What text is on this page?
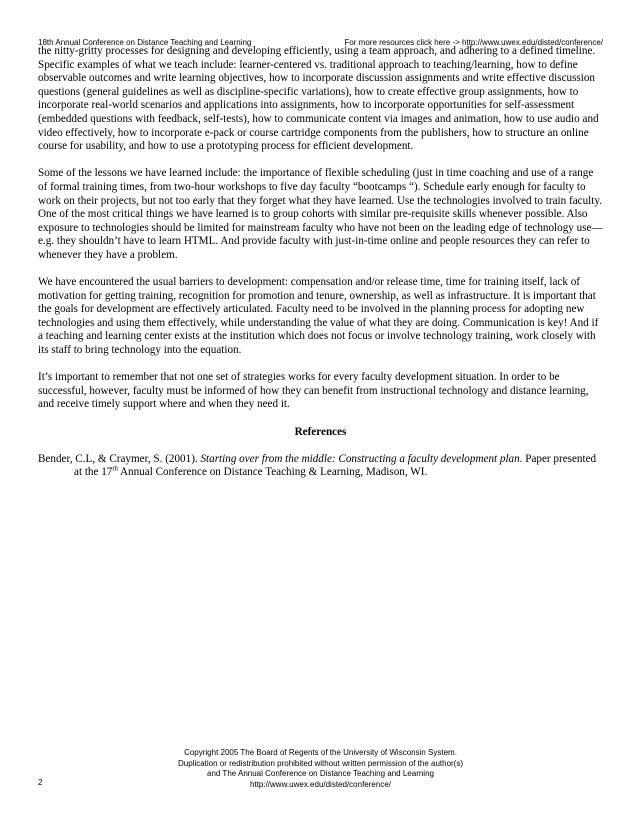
18th Annual Conference on Distance Teaching and Learning	For more resources click here -> http://www.uwex.edu/disted/conference/

the nitty-gritty processes for designing and developing efficiently, using a team approach, and adhering to a defined timeline. Specific examples of what we teach include: learner-centered vs. traditional approach to teaching/learning, how to define observable outcomes and write learning objectives, how to incorporate discussion assignments and write effective discussion questions (general guidelines as well as discipline-specific variations), how to create effective group assignments, how to incorporate real-world scenarios and applications into assignments, how to incorporate opportunities for self-assessment (embedded questions with feedback, self-tests), how to communicate content via images and animation, how to use audio and video effectively, how to incorporate e-pack or course cartridge components from the publishers, how to structure an online course for usability, and how to use a prototyping process for efficient development.

Some of the lessons we have learned include: the importance of flexible scheduling (just in time coaching and use of a range of formal training times, from two-hour workshops to five day faculty “bootcamps “). Schedule early enough for faculty to work on their projects, but not too early that they forget what they have learned. Use the technologies involved to train faculty. One of the most critical things we have learned is to group cohorts with similar pre-requisite skills whenever possible. Also exposure to technologies should be limited for mainstream faculty who have not been on the leading edge of technology use—e.g. they shouldn’t have to learn HTML. And provide faculty with just-in-time online and people resources they can refer to whenever they have a problem.

We have encountered the usual barriers to development: compensation and/or release time, time for training itself, lack of motivation for getting training, recognition for promotion and tenure, ownership, as well as infrastructure. It is important that the goals for development are effectively articulated. Faculty need to be involved in the planning process for adopting new technologies and using them effectively, while understanding the value of what they are doing. Communication is key! And if a teaching and learning center exists at the institution which does not focus or involve technology training, work closely with its staff to bring technology into the equation.

It’s important to remember that not one set of strategies works for every faculty development situation. In order to be successful, however, faculty must be informed of how they can benefit from instructional technology and distance learning, and receive timely support where and when they need it.

References

Bender, C.L, & Craymer, S. (2001). Starting over from the middle: Constructing a faculty development plan. Paper presented at the 17th Annual Conference on Distance Teaching & Learning, Madison, WI.

Copyright 2005 The Board of Regents of the University of Wisconsin System.
Duplication or redistribution prohibited without written permission of the author(s)
and The Annual Conference on Distance Teaching and Learning
http://www.uwex.edu/disted/conference/
2
